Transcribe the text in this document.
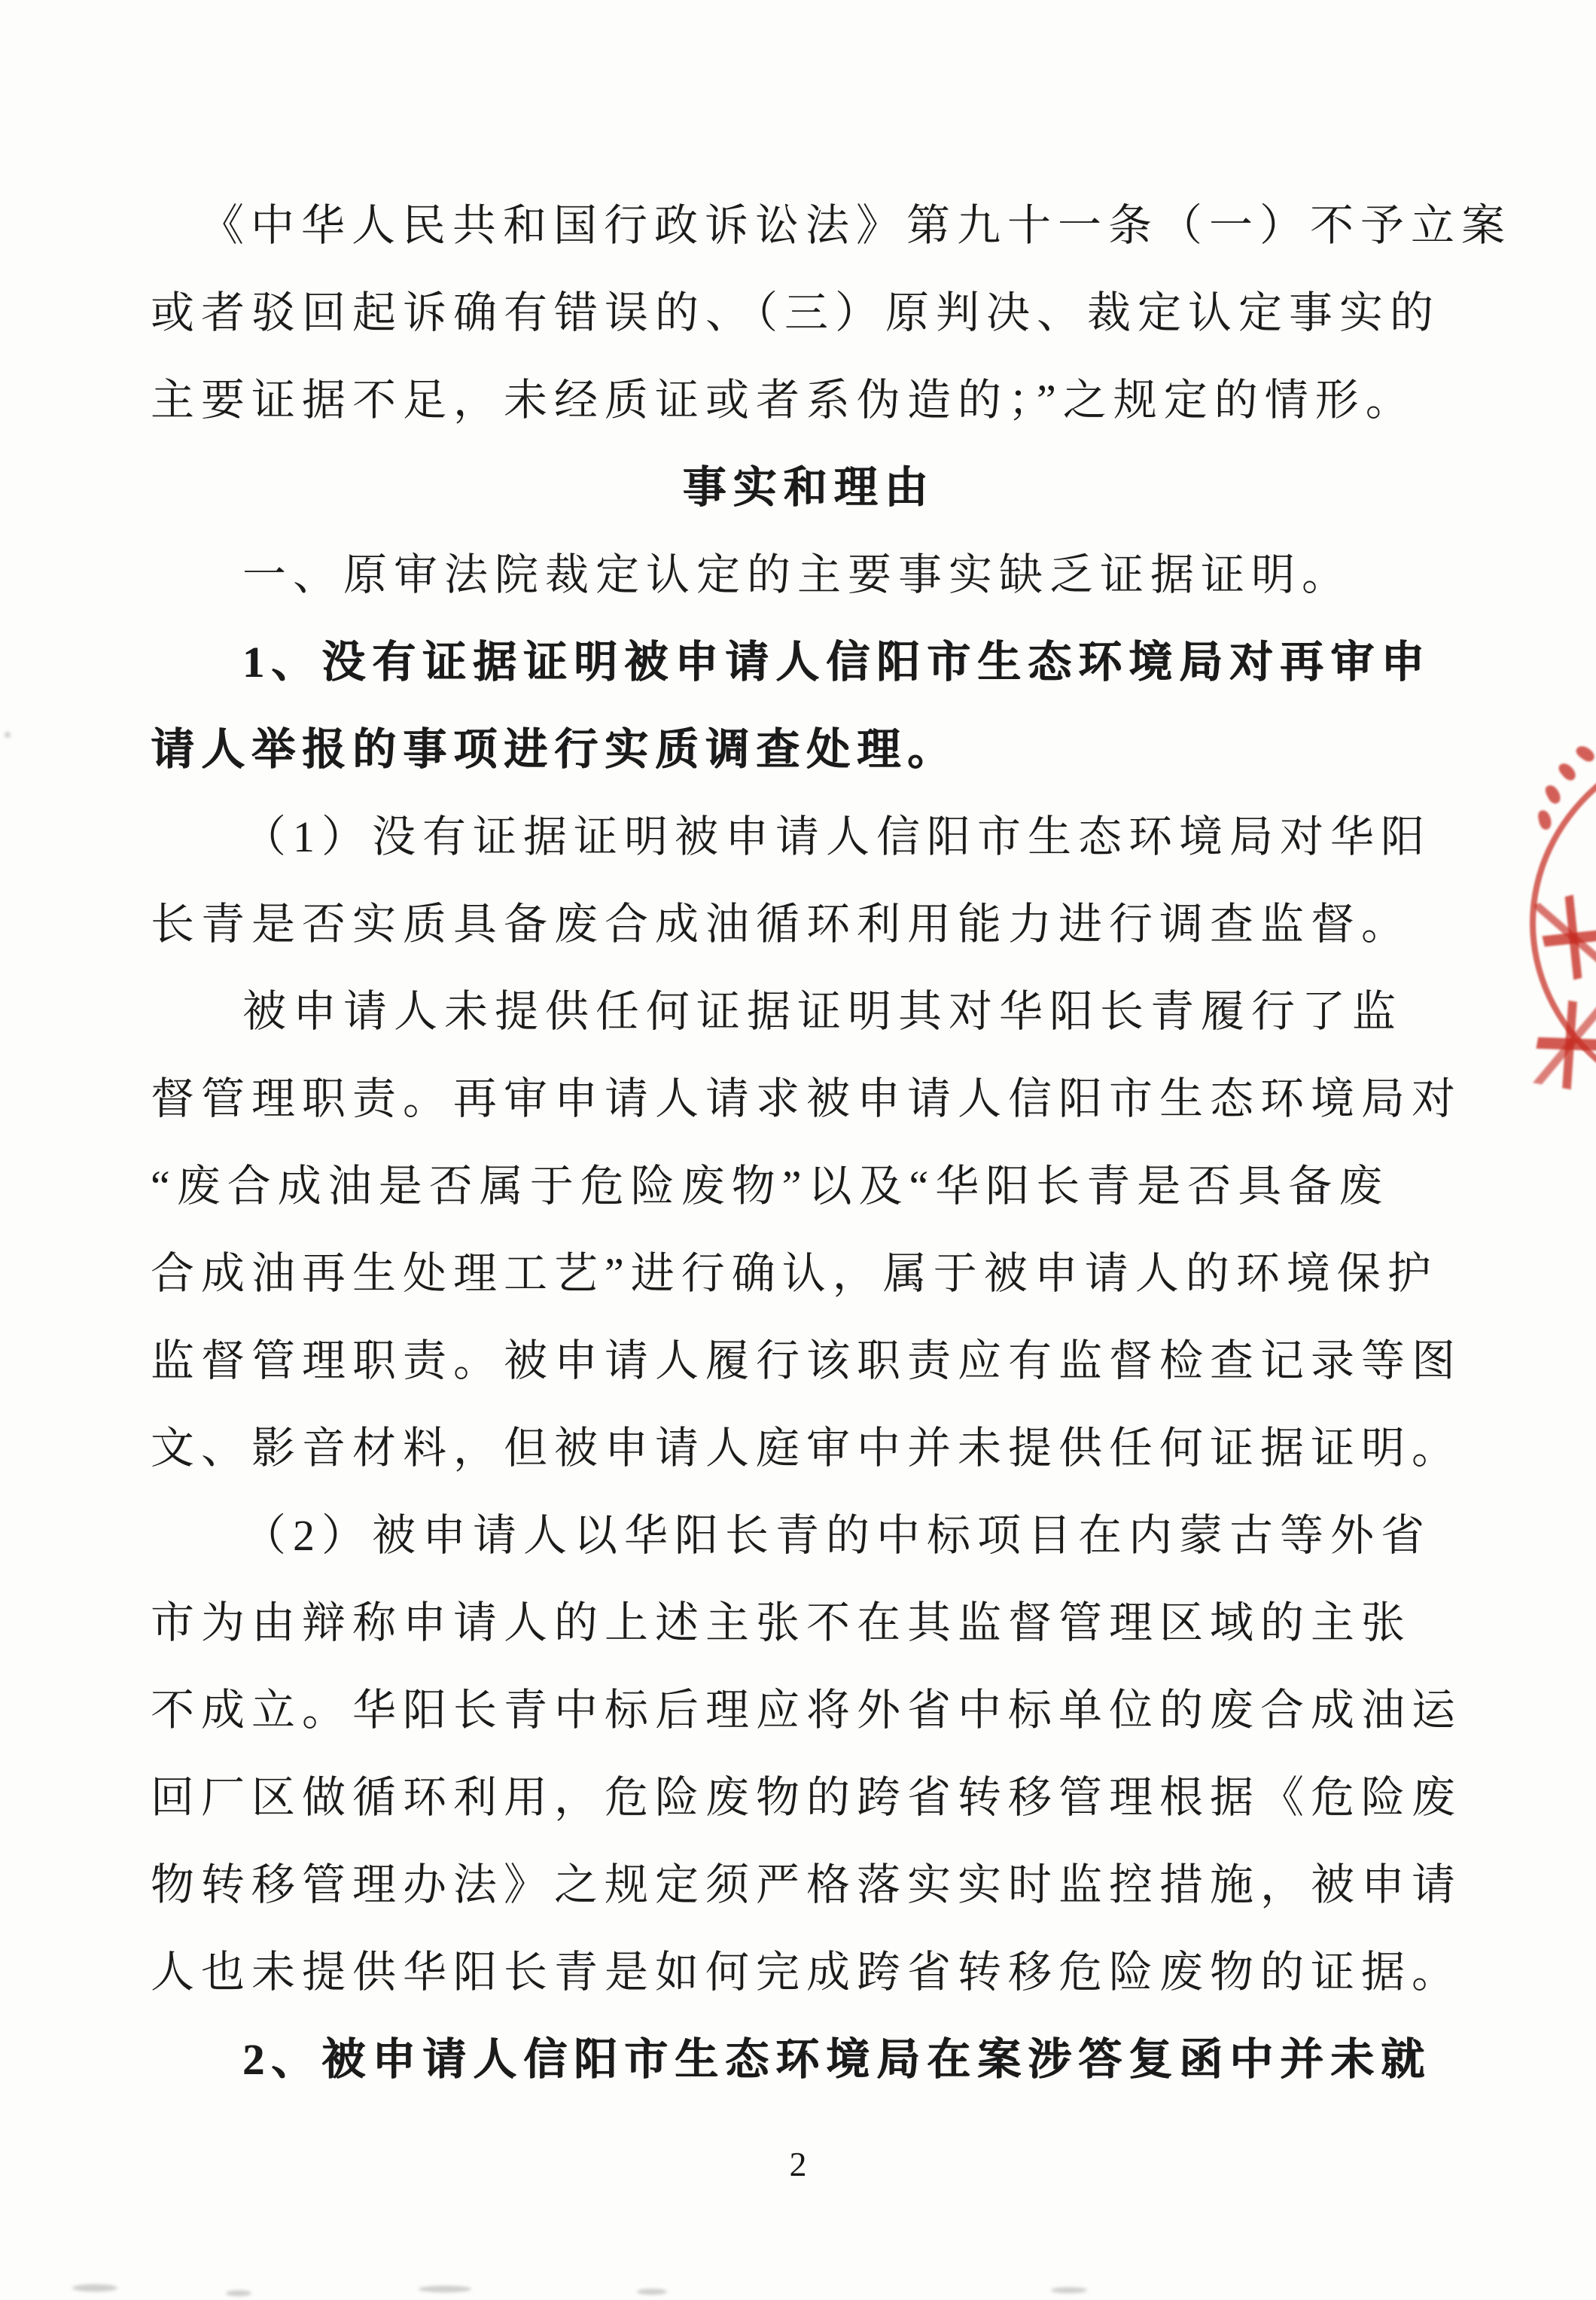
《中华人民共和国行政诉讼法》第九十一条（一）不予立案
或者驳回起诉确有错误的、（三）原判决、裁定认定事实的
主要证据不足，未经质证或者系伪造的；”之规定的情形。
事实和理由
一、原审法院裁定认定的主要事实缺乏证据证明。
1、没有证据证明被申请人信阳市生态环境局对再审申
请人举报的事项进行实质调查处理。
（1）没有证据证明被申请人信阳市生态环境局对华阳
长青是否实质具备废合成油循环利用能力进行调查监督。
被申请人未提供任何证据证明其对华阳长青履行了监
督管理职责。再审申请人请求被申请人信阳市生态环境局对
“废合成油是否属于危险废物”以及“华阳长青是否具备废
合成油再生处理工艺”进行确认，属于被申请人的环境保护
监督管理职责。被申请人履行该职责应有监督检查记录等图
文、影音材料，但被申请人庭审中并未提供任何证据证明。
（2）被申请人以华阳长青的中标项目在内蒙古等外省
市为由辩称申请人的上述主张不在其监督管理区域的主张
不成立。华阳长青中标后理应将外省中标单位的废合成油运
回厂区做循环利用，危险废物的跨省转移管理根据《危险废
物转移管理办法》之规定须严格落实实时监控措施，被申请
人也未提供华阳长青是如何完成跨省转移危险废物的证据。
2、被申请人信阳市生态环境局在案涉答复函中并未就
2
